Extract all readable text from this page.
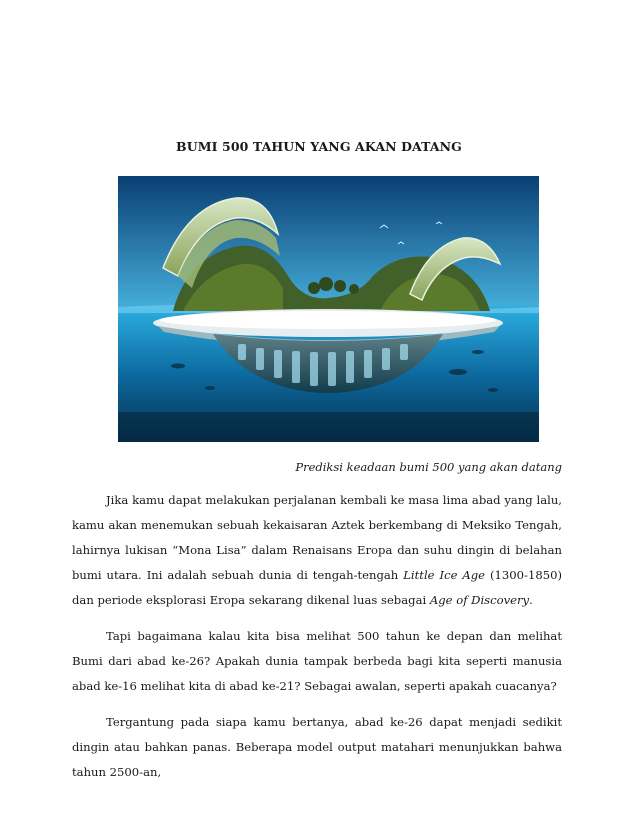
BUMI 500 TAHUN YANG AKAN DATANG
Prediksi keadaan bumi 500 yang akan datang

Jika kamu dapat melakukan perjalanan kembali ke masa lima abad yang lalu, kamu akan menemukan sebuah kekaisaran Aztek berkembang di Meksiko Tengah, lahirnya lukisan “Mona Lisa” dalam Renaisans Eropa dan suhu dingin di belahan bumi utara. Ini adalah sebuah dunia di tengah-tengah Little Ice Age (1300-1850) dan periode eksplorasi Eropa sekarang dikenal luas sebagai Age of Discovery.

Tapi bagaimana kalau kita bisa melihat 500 tahun ke depan dan melihat Bumi dari abad ke-26? Apakah dunia tampak berbeda bagi kita seperti manusia abad ke-16 melihat kita di abad ke-21? Sebagai awalan, seperti apakah cuacanya?

Tergantung pada siapa kamu bertanya, abad ke-26 dapat menjadi sedikit dingin atau bahkan panas. Beberapa model output matahari menunjukkan bahwa tahun 2500-an,
